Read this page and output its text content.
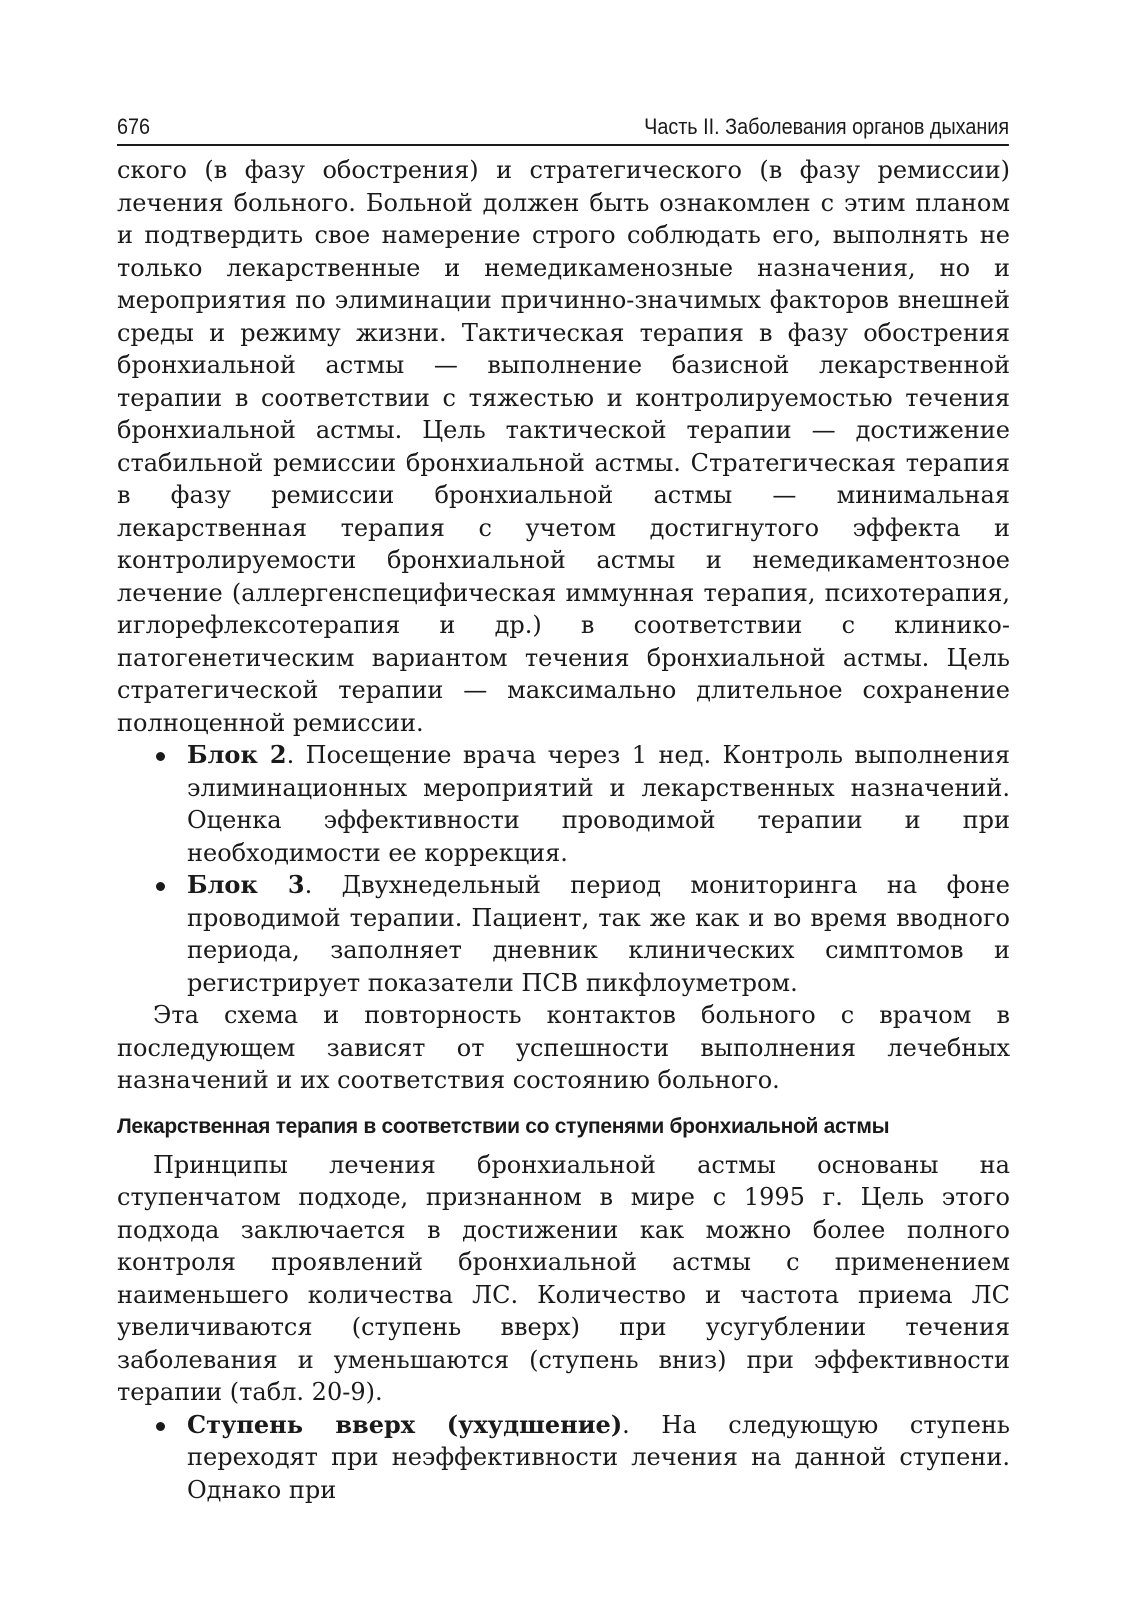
676	Часть II. Заболевания органов дыхания

ского (в фазу обострения) и стратегического (в фазу ремиссии) лечения больного. Больной должен быть ознакомлен с этим планом и подтвердить свое намерение строго соблюдать его, выполнять не только лекарственные и немедикаменозные назначения, но и мероприятия по элиминации причинно-значимых факторов внешней среды и режиму жизни. Тактическая терапия в фазу обострения бронхиальной астмы — выполнение базисной лекарственной терапии в соответствии с тяжестью и контролируемостью течения бронхиальной астмы. Цель тактической терапии — достижение стабильной ремиссии бронхиальной астмы. Стратегическая терапия в фазу ремиссии бронхиальной астмы — минимальная лекарственная терапия с учетом достигнутого эффекта и контролируемости бронхиальной астмы и немедикаментозное лечение (аллергенспецифическая иммунная терапия, психотерапия, иглорефлексотерапия и др.) в соответствии с клинико-патогенетическим вариантом течения бронхиальной астмы. Цель стратегической терапии — максимально длительное сохранение полноценной ремиссии.

Блок 2. Посещение врача через 1 нед. Контроль выполнения элиминационных мероприятий и лекарственных назначений. Оценка эффективности проводимой терапии и при необходимости ее коррекция.
Блок 3. Двухнедельный период мониторинга на фоне проводимой терапии. Пациент, так же как и во время вводного периода, заполняет дневник клинических симптомов и регистрирует показатели ПСВ пикфлоуметром.

Эта схема и повторность контактов больного с врачом в последующем зависят от успешности выполнения лечебных назначений и их соответствия состоянию больного.

Лекарственная терапия в соответствии со ступенями бронхиальной астмы

Принципы лечения бронхиальной астмы основаны на ступенчатом подходе, признанном в мире с 1995 г. Цель этого подхода заключается в достижении как можно более полного контроля проявлений бронхиальной астмы с применением наименьшего количества ЛС. Количество и частота приема ЛС увеличиваются (ступень вверх) при усугублении течения заболевания и уменьшаются (ступень вниз) при эффективности терапии (табл. 20-9).

Ступень вверх (ухудшение). На следующую ступень переходят при неэффективности лечения на данной ступени. Однако при
